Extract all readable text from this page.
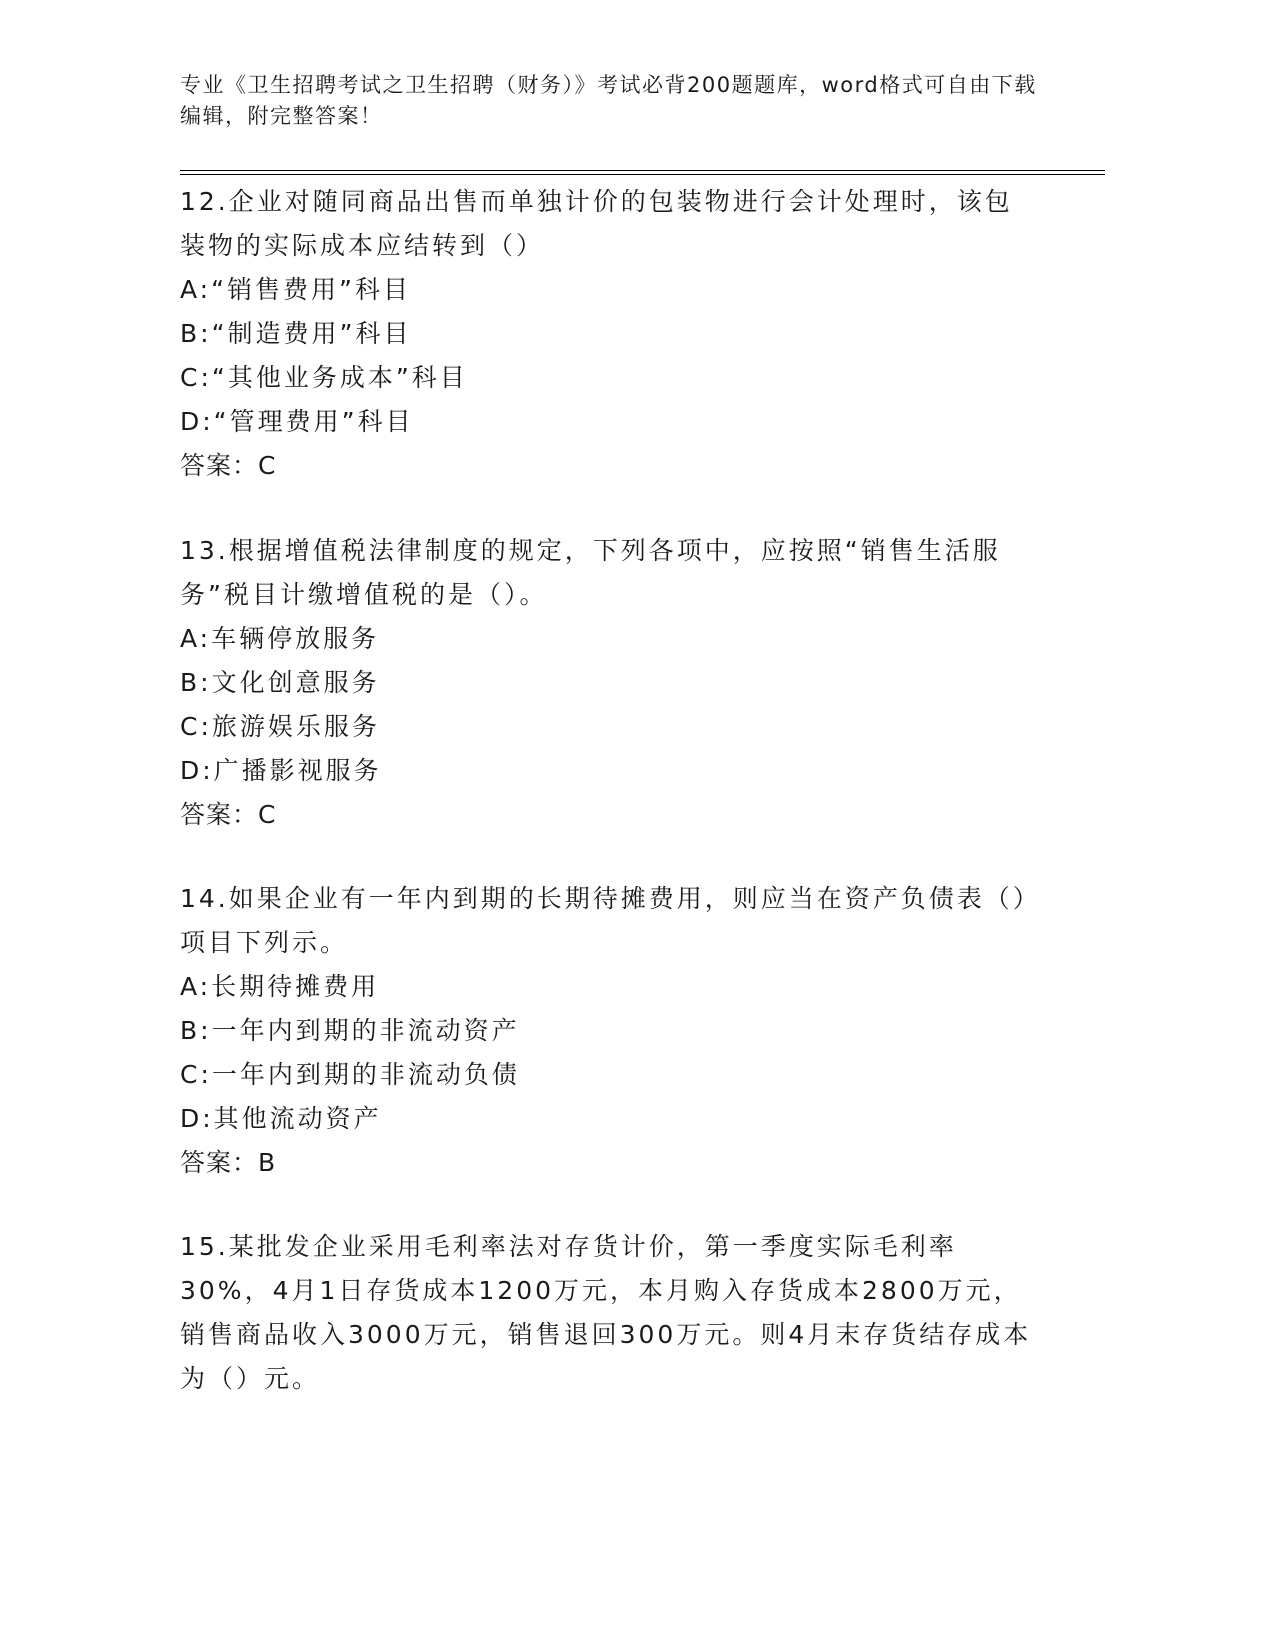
专业《卫生招聘考试之卫生招聘（财务）》考试必背200题题库，word格式可自由下载编辑，附完整答案！

12.企业对随同商品出售而单独计价的包装物进行会计处理时，该包装物的实际成本应结转到（）

A:“销售费用”科目

B:“制造费用”科目

C:“其他业务成本”科目

D:“管理费用”科目

答案：C

13.根据增值税法律制度的规定，下列各项中，应按照“销售生活服务”税目计缴增值税的是（）。

A:车辆停放服务

B:文化创意服务

C:旅游娱乐服务

D:广播影视服务

答案：C

14.如果企业有一年内到期的长期待摊费用，则应当在资产负债表（）项目下列示。

A:长期待摊费用

B:一年内到期的非流动资产

C:一年内到期的非流动负债

D:其他流动资产

答案：B

15.某批发企业采用毛利率法对存货计价，第一季度实际毛利率30%，4月1日存货成本1200万元，本月购入存货成本2800万元，销售商品收入3000万元，销售退回300万元。则4月末存货结存成本为（）元。
